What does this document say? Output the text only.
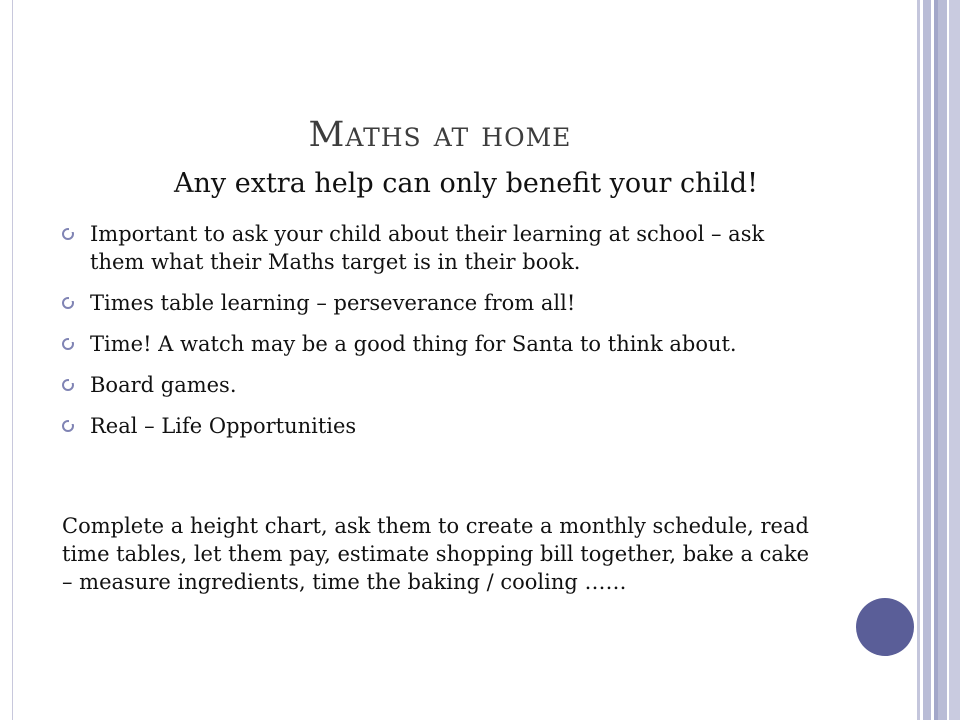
Maths at home
Any extra help can only benefit your child!
Important to ask your child about their learning at school – ask them what their Maths target is in their book.
Times table learning – perseverance from all!
Time! A watch may be a good thing for Santa to think about.
Board games.
Real – Life Opportunities

Complete a height chart, ask them to create a monthly schedule, read time tables, let them pay, estimate shopping bill together, bake a cake – measure ingredients, time the baking / cooling ……
